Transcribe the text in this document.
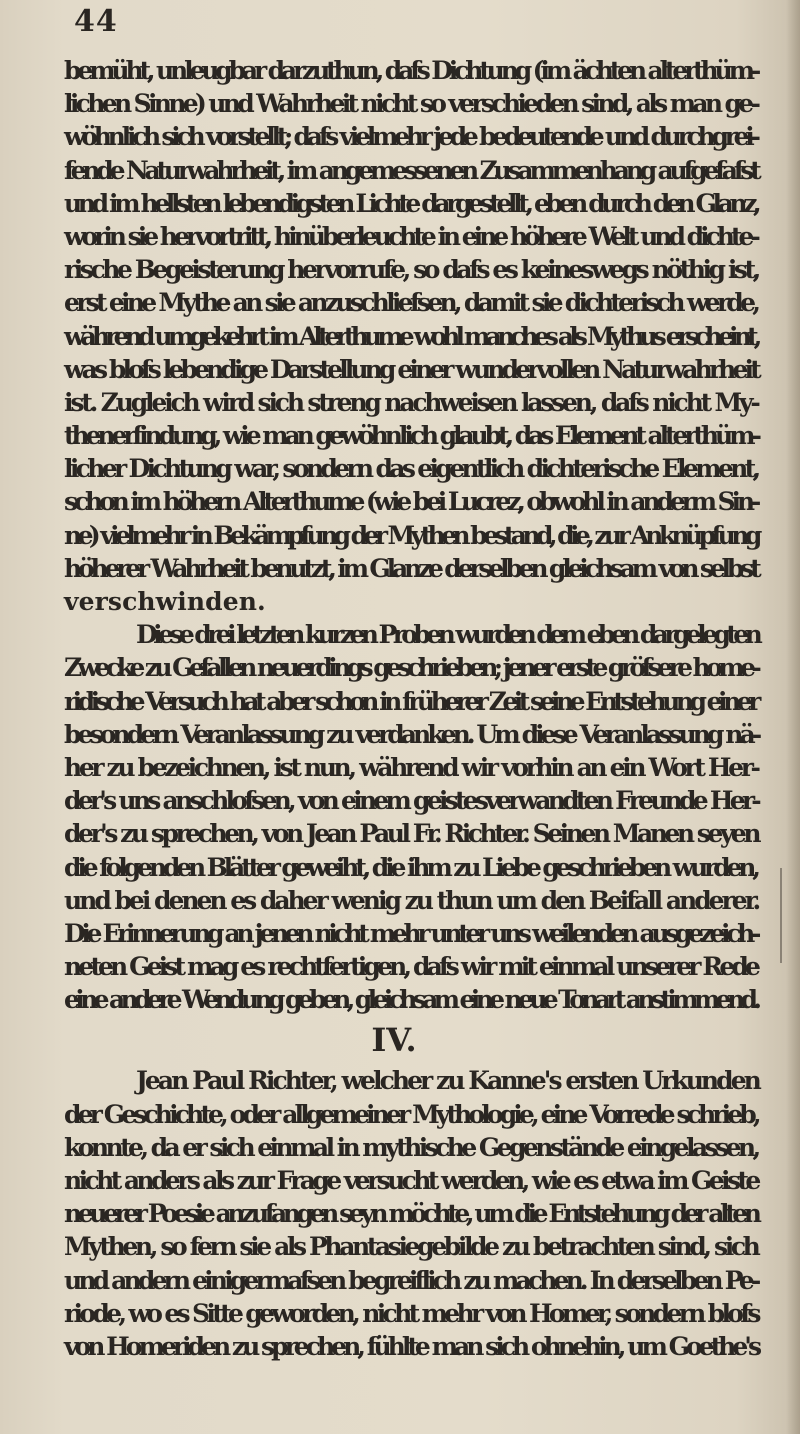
44
bemüht, unleugbar darzuthun, dafs Dichtung (im ächten alterthüm-
lichen Sinne) und Wahrheit nicht so verschieden sind, als man ge-
wöhnlich sich vorstellt; dafs vielmehr jede bedeutende und durchgrei-
fende Naturwahrheit, im angemessenen Zusammenhang aufgefafst
und im hellsten lebendigsten Lichte dargestellt, eben durch den Glanz,
worin sie hervortritt, hinüberleuchte in eine höhere Welt und dichte-
rische Begeisterung hervorrufe, so dafs es keineswegs nöthig ist,
erst eine Mythe an sie anzuschliefsen, damit sie dichterisch werde,
während umgekehrt im Alterthume wohl manches als Mythus erscheint,
was blofs lebendige Darstellung einer wundervollen Naturwahrheit
ist. Zugleich wird sich streng nachweisen lassen, dafs nicht My-
thenerfindung, wie man gewöhnlich glaubt, das Element alterthüm-
licher Dichtung war, sondern das eigentlich dichterische Element,
schon im höhern Alterthume (wie bei Lucrez, obwohl in anderm Sin-
ne) vielmehr in Bekämpfung der Mythen bestand, die, zur Anknüpfung
höherer Wahrheit benutzt, im Glanze derselben gleichsam von selbst
verschwinden.
Diese drei letzten kurzen Proben wurden dem eben dargelegten
Zwecke zu Gefallen neuerdings geschrieben; jener erste gröfsere home-
ridische Versuch hat aber schon in früherer Zeit seine Entstehung einer
besondern Veranlassung zu verdanken. Um diese Veranlassung nä-
her zu bezeichnen, ist nun, während wir vorhin an ein Wort Her-
der's uns anschlofsen, von einem geistesverwandten Freunde Her-
der's zu sprechen, von Jean Paul Fr. Richter. Seinen Manen seyen
die folgenden Blätter geweiht, die ihm zu Liebe geschrieben wurden,
und bei denen es daher wenig zu thun um den Beifall anderer.
Die Erinnerung an jenen nicht mehr unter uns weilenden ausgezeich-
neten Geist mag es rechtfertigen, dafs wir mit einmal unserer Rede
eine andere Wendung geben, gleichsam eine neue Tonart anstimmend.
IV.
Jean Paul Richter, welcher zu Kanne's ersten Urkunden
der Geschichte, oder allgemeiner Mythologie, eine Vorrede schrieb,
konnte, da er sich einmal in mythische Gegenstände eingelassen,
nicht anders als zur Frage versucht werden, wie es etwa im Geiste
neuerer Poesie anzufangen seyn möchte, um die Entstehung der alten
Mythen, so fern sie als Phantasiegebilde zu betrachten sind, sich
und andern einigermafsen begreiflich zu machen. In derselben Pe-
riode, wo es Sitte geworden, nicht mehr von Homer, sondern blofs
von Homeriden zu sprechen, fühlte man sich ohnehin, um Goethe's
